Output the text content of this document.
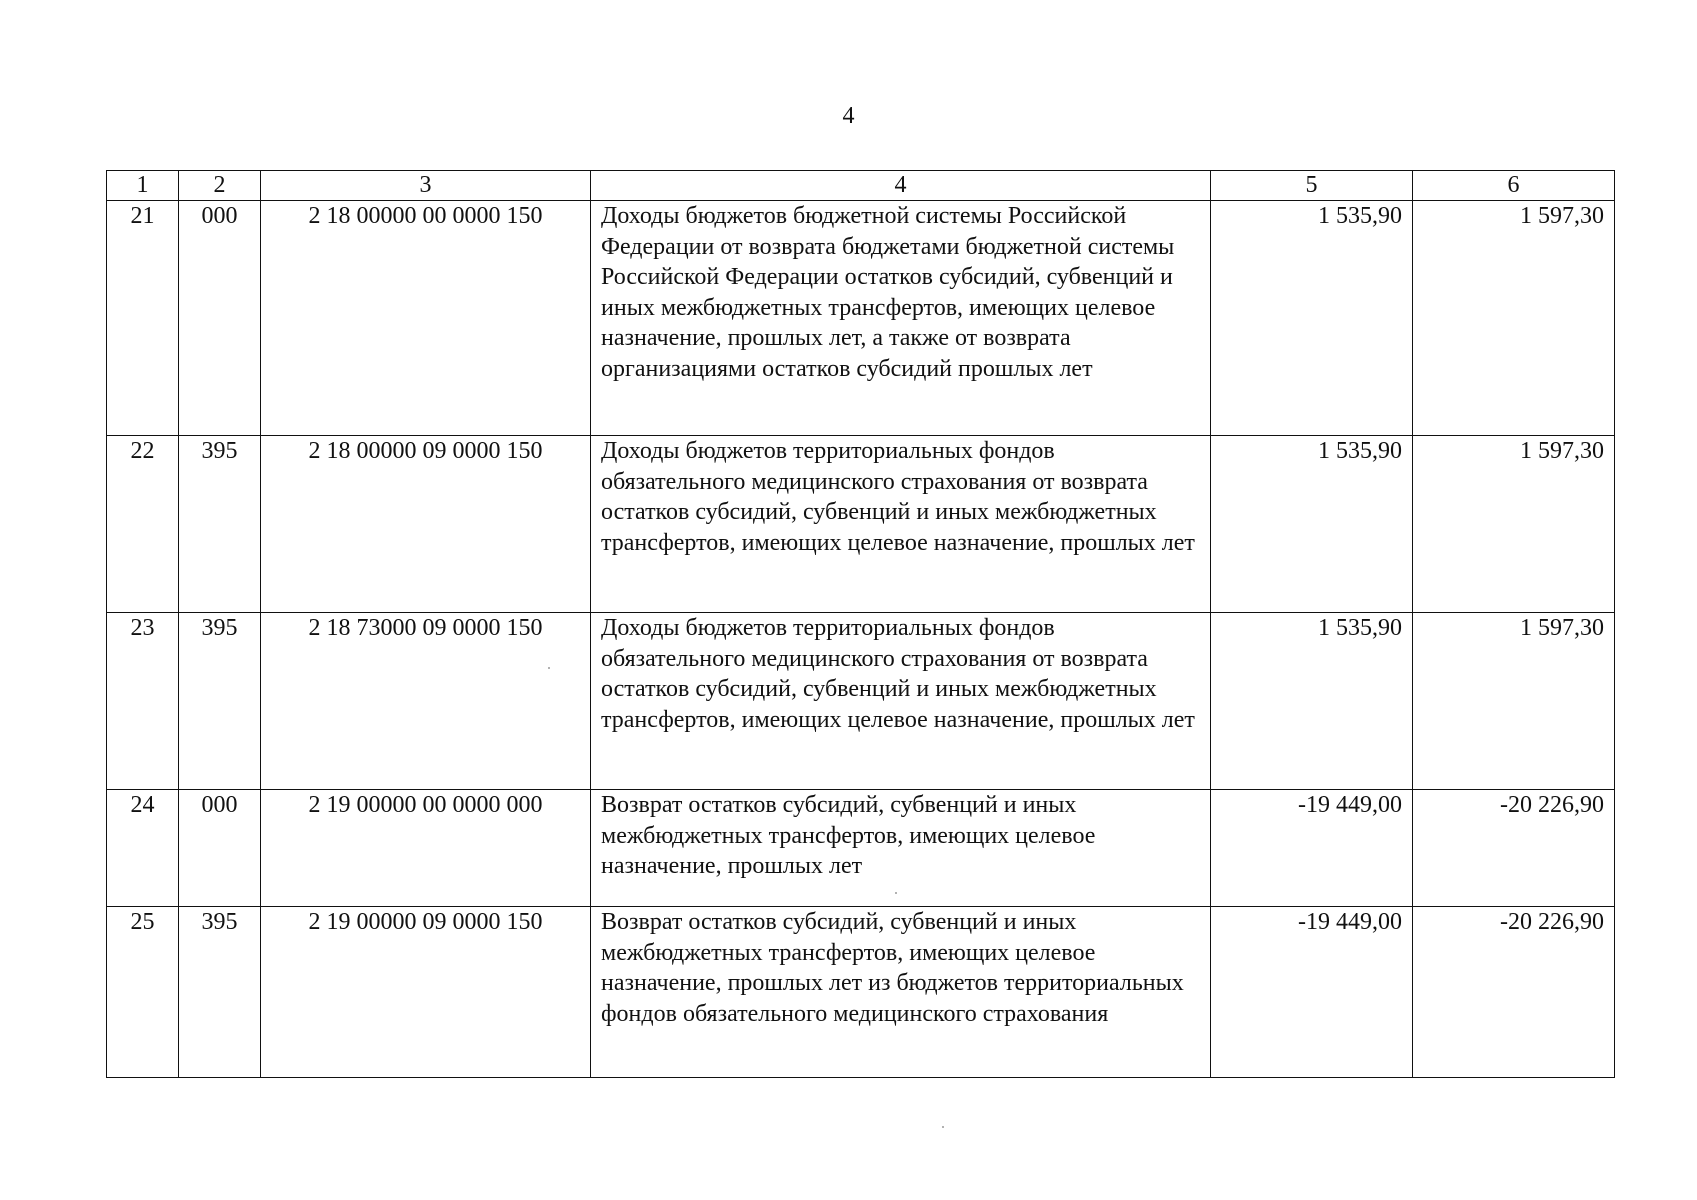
4
1	2	3	4	5	6
21	000	2 18 00000 00 0000 150	Доходы бюджетов бюджетной системы Российской Федерации от возврата бюджетами бюджетной системы Российской Федерации остатков субсидий, субвенций и иных межбюджетных трансфертов, имеющих целевое назначение, прошлых лет, а также от возврата организациями остатков субсидий прошлых лет	1 535,90	1 597,30
22	395	2 18 00000 09 0000 150	Доходы бюджетов территориальных фондов обязательного медицинского страхования от возврата остатков субсидий, субвенций и иных межбюджетных трансфертов, имеющих целевое назначение, прошлых лет	1 535,90	1 597,30
23	395	2 18 73000 09 0000 150	Доходы бюджетов территориальных фондов обязательного медицинского страхования от возврата остатков субсидий, субвенций и иных межбюджетных трансфертов, имеющих целевое назначение, прошлых лет	1 535,90	1 597,30
24	000	2 19 00000 00 0000 000	Возврат остатков субсидий, субвенций и иных межбюджетных трансфертов, имеющих целевое назначение, прошлых лет	-19 449,00	-20 226,90
25	395	2 19 00000 09 0000 150	Возврат остатков субсидий, субвенций и иных межбюджетных трансфертов, имеющих целевое назначение, прошлых лет из бюджетов территориальных фондов обязательного медицинского страхования	-19 449,00	-20 226,90
